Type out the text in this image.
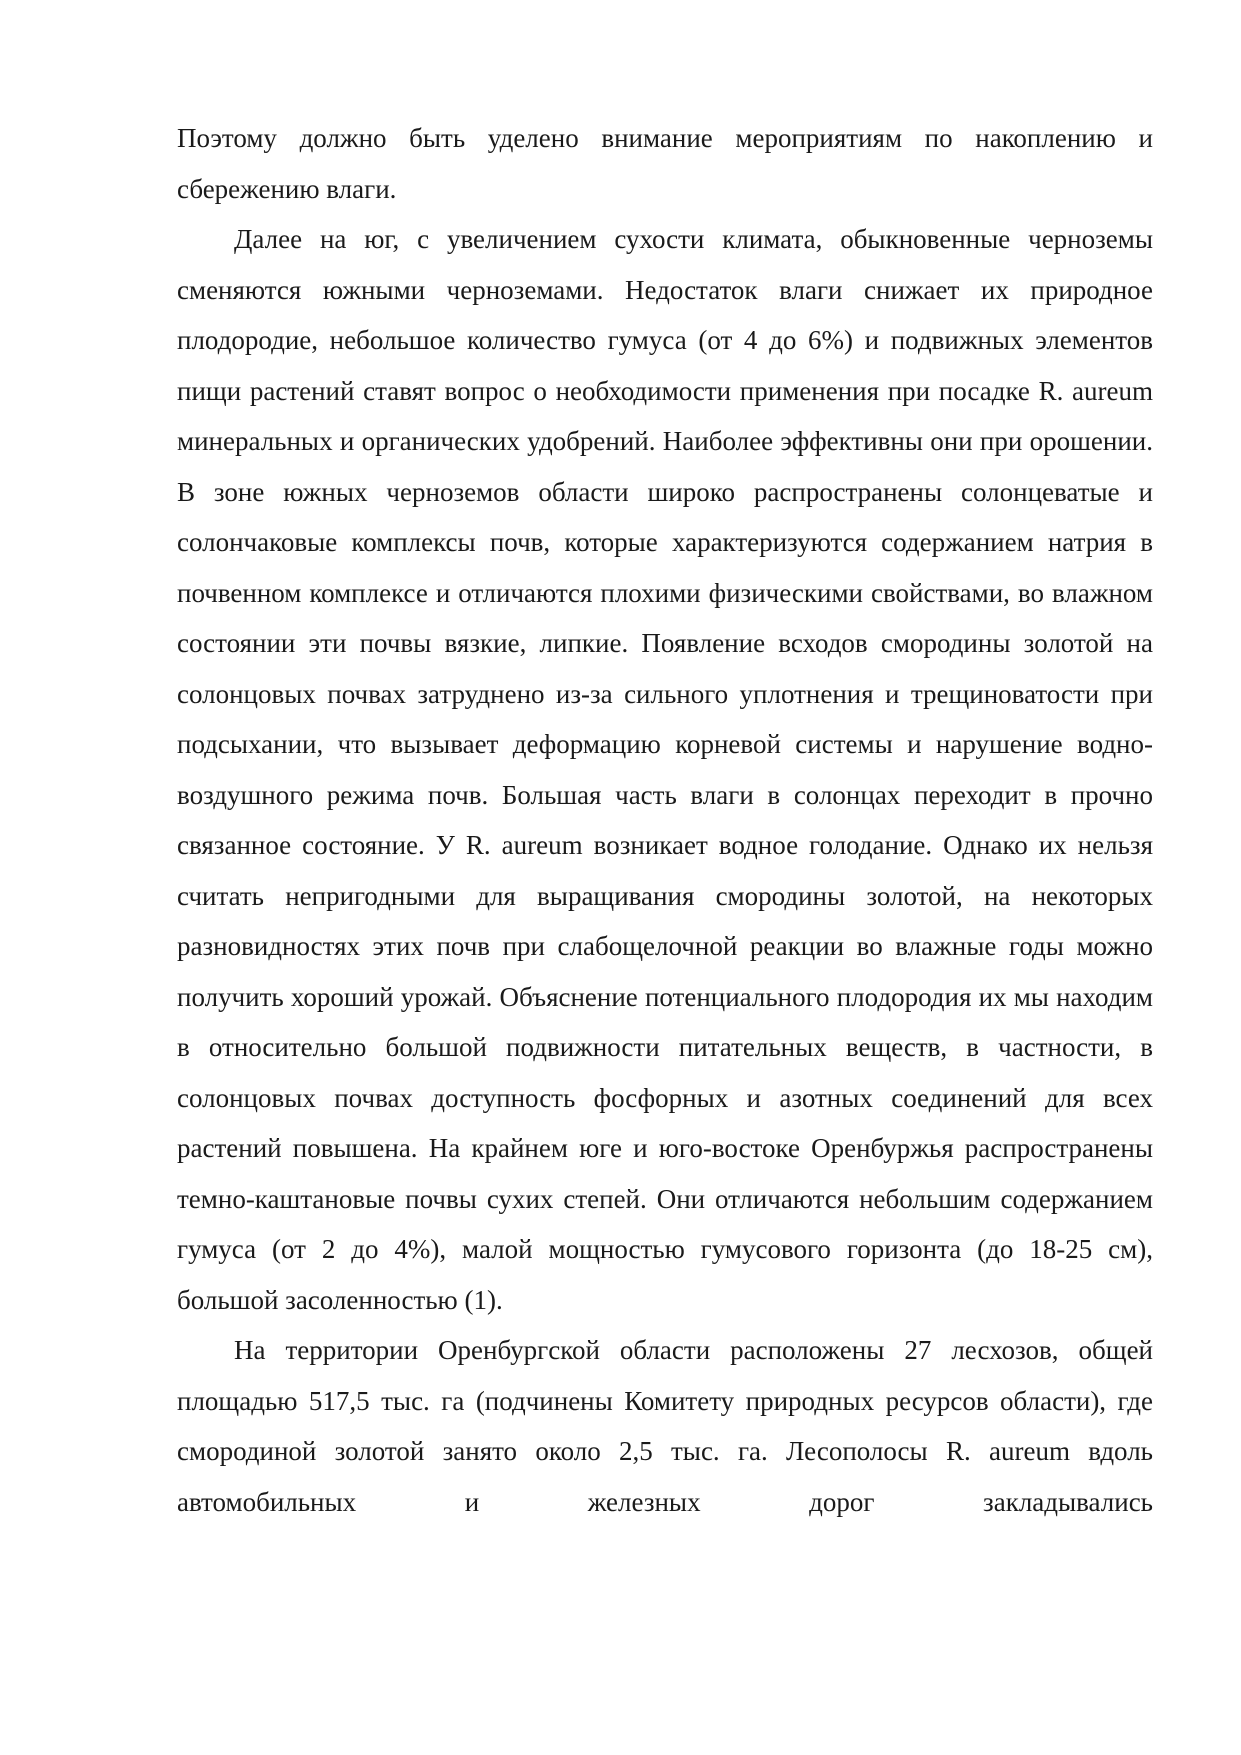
Поэтому должно быть уделено внимание мероприятиям по накоплению и сбережению влаги.

Далее на юг, с увеличением сухости климата, обыкновенные черноземы сменяются южными черноземами. Недостаток влаги снижает их природное плодородие, небольшое количество гумуса (от 4 до 6%) и подвижных элементов пищи растений ставят вопрос о необходимости применения при посадке R. aureum минеральных и органических удобрений. Наиболее эффективны они при орошении. В зоне южных черноземов области широко распространены солонцеватые и солончаковые комплексы почв, которые характеризуются содержанием натрия в почвенном комплексе и отличаются плохими физическими свойствами, во влажном состоянии эти почвы вязкие, липкие. Появление всходов смородины золотой на солонцовых почвах затруднено из-за сильного уплотнения и трещиноватости при подсыхании, что вызывает деформацию корневой системы и нарушение водно-воздушного режима почв. Большая часть влаги в солонцах переходит в прочно связанное состояние. У R. aureum возникает водное голодание. Однако их нельзя считать непригодными для выращивания смородины золотой, на некоторых разновидностях этих почв при слабощелочной реакции во влажные годы можно получить хороший урожай. Объяснение потенциального плодородия их мы находим в относительно большой подвижности питательных веществ, в частности, в солонцовых почвах доступность фосфорных и азотных соединений для всех растений повышена. На крайнем юге и юго-востоке Оренбуржья распространены темно-каштановые почвы сухих степей. Они отличаются небольшим содержанием гумуса (от 2 до 4%), малой мощностью гумусового горизонта (до 18-25 см), большой засоленностью (1).

На территории Оренбургской области расположены 27 лесхозов, общей площадью 517,5 тыс. га (подчинены Комитету природных ресурсов области), где смородиной золотой занято около 2,5 тыс. га. Лесополосы R. aureum вдоль автомобильных и железных дорог закладывались
